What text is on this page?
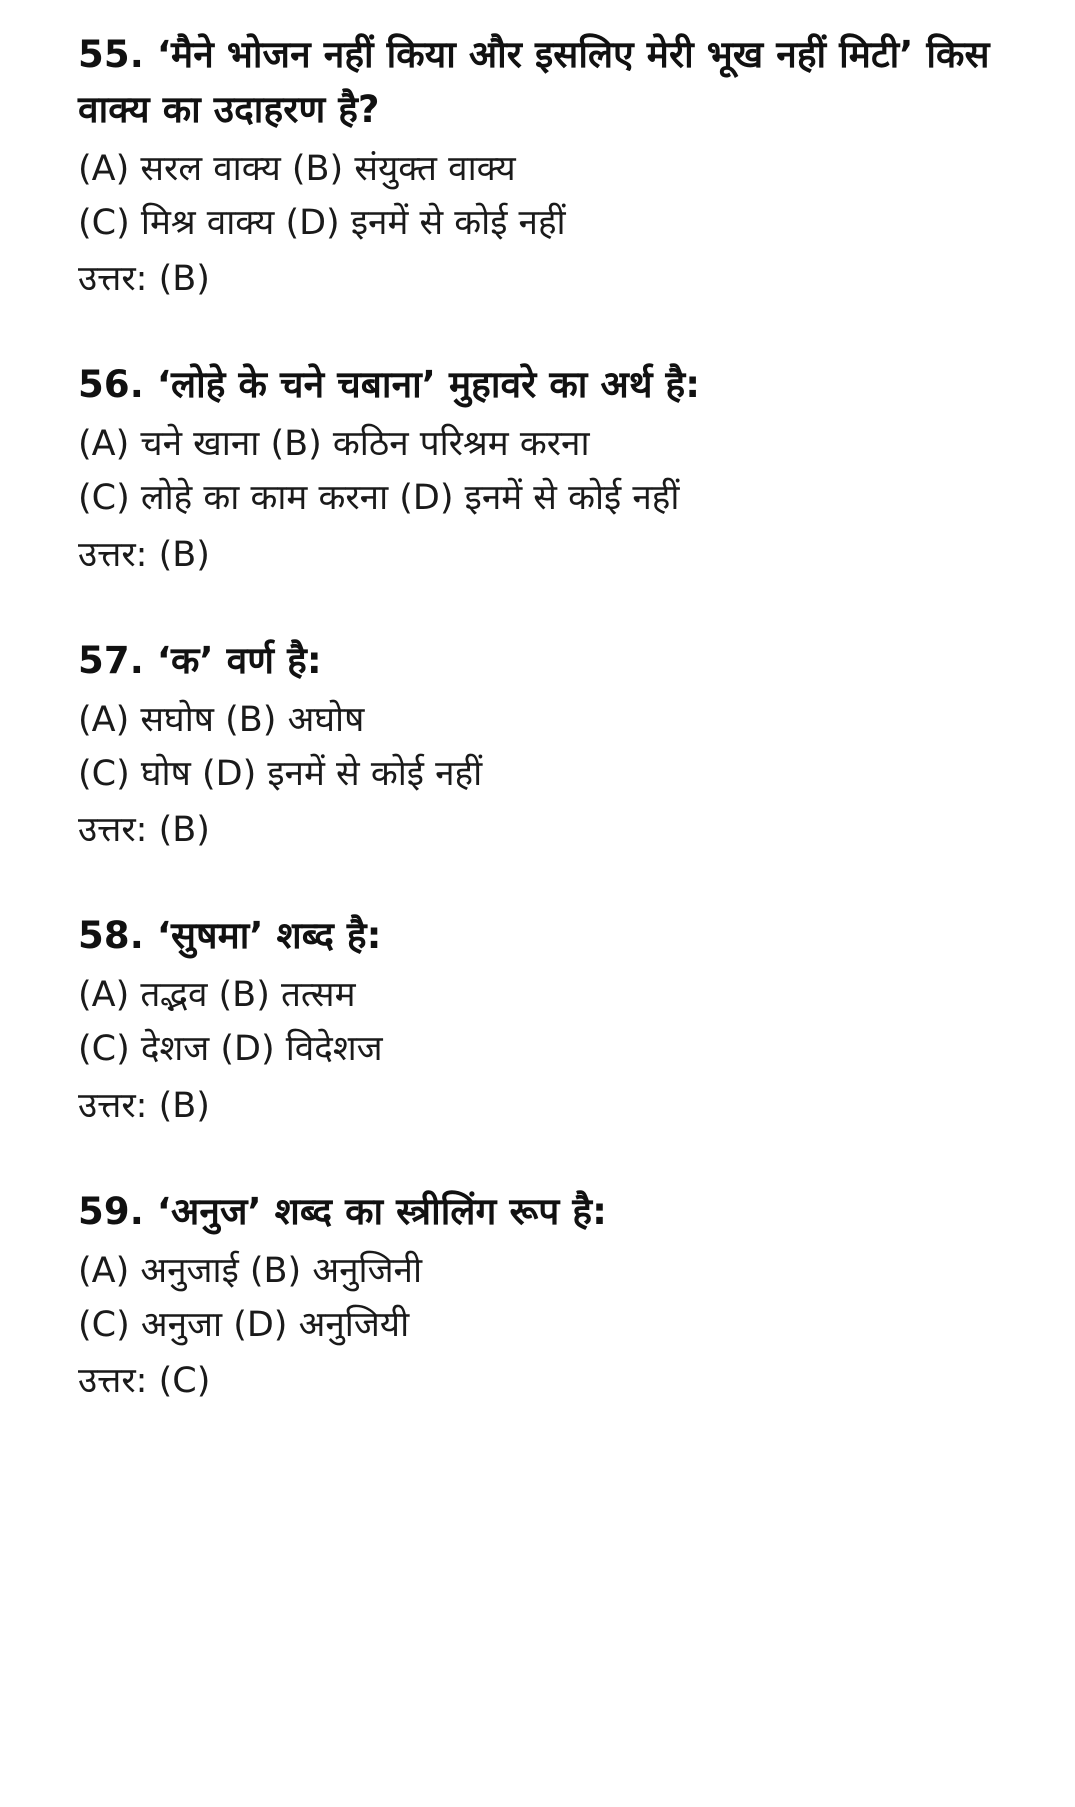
55. ‘मैने भोजन नहीं किया और इसलिए मेरी भूख नहीं मिटी’ किस वाक्य का उदाहरण है?

(A) सरल वाक्य (B) संयुक्त वाक्य

(C) मिश्र वाक्य (D) इनमें से कोई नहीं

उत्तर: (B)

56. ‘लोहे के चने चबाना’ मुहावरे का अर्थ है:

(A) चने खाना (B) कठिन परिश्रम करना

(C) लोहे का काम करना (D) इनमें से कोई नहीं

उत्तर: (B)

57. ‘क’ वर्ण है:

(A) सघोष (B) अघोष

(C) घोष (D) इनमें से कोई नहीं

उत्तर: (B)

58. ‘सुषमा’ शब्द है:

(A) तद्भव (B) तत्सम

(C) देशज (D) विदेशज

उत्तर: (B)

59. ‘अनुज’ शब्द का स्त्रीलिंग रूप है:

(A) अनुजाई (B) अनुजिनी

(C) अनुजा (D) अनुजियी

उत्तर: (C)
